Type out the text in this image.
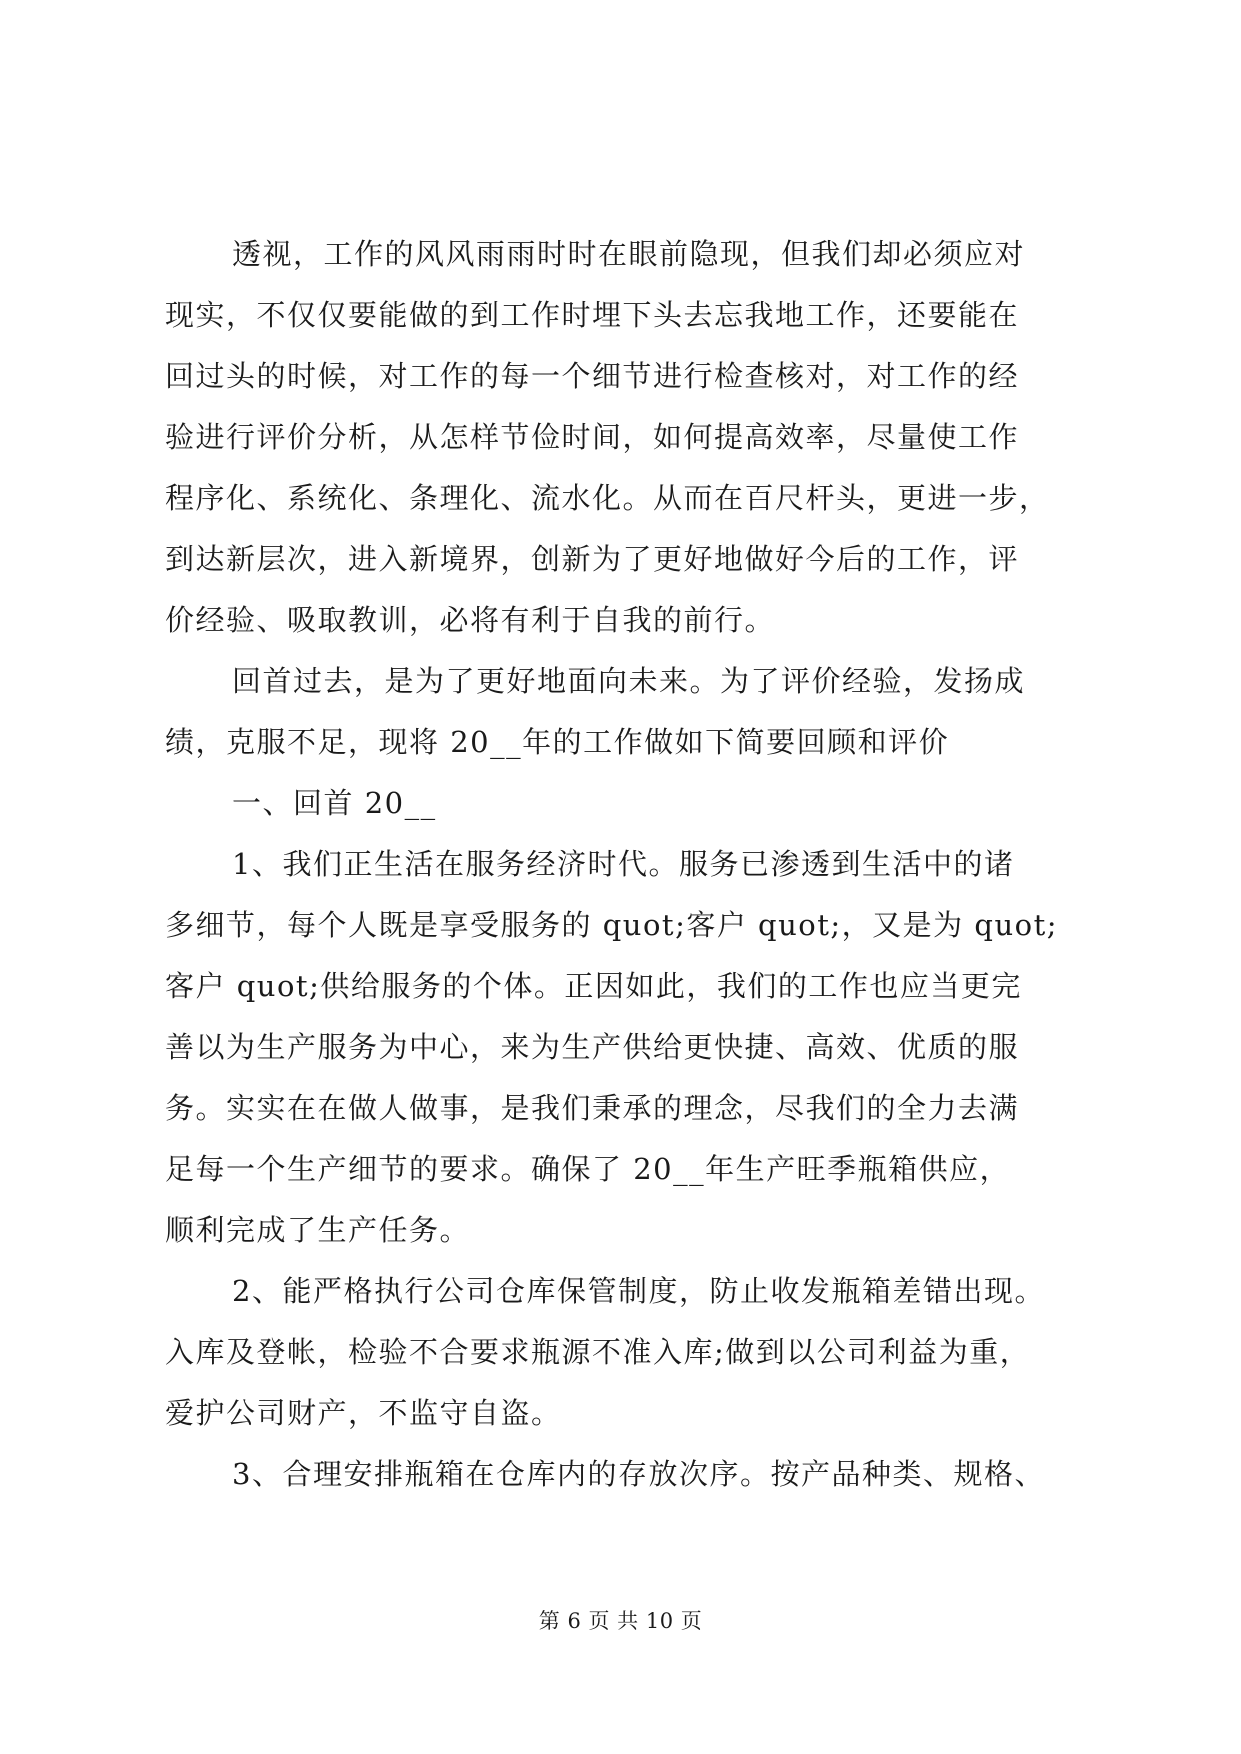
透视，工作的风风雨雨时时在眼前隐现，但我们却必须应对
现实，不仅仅要能做的到工作时埋下头去忘我地工作，还要能在
回过头的时候，对工作的每一个细节进行检查核对，对工作的经
验进行评价分析，从怎样节俭时间，如何提高效率，尽量使工作
程序化、系统化、条理化、流水化。从而在百尺杆头，更进一步，
到达新层次，进入新境界，创新为了更好地做好今后的工作，评
价经验、吸取教训，必将有利于自我的前行。
回首过去，是为了更好地面向未来。为了评价经验，发扬成
绩，克服不足，现将 20__年的工作做如下简要回顾和评价
一、回首 20__
1、我们正生活在服务经济时代。服务已渗透到生活中的诸
多细节，每个人既是享受服务的 quot;客户 quot;，又是为 quot;
客户 quot;供给服务的个体。正因如此，我们的工作也应当更完
善以为生产服务为中心，来为生产供给更快捷、高效、优质的服
务。实实在在做人做事，是我们秉承的理念，尽我们的全力去满
足每一个生产细节的要求。确保了 20__年生产旺季瓶箱供应，
顺利完成了生产任务。
2、能严格执行公司仓库保管制度，防止收发瓶箱差错出现。
入库及登帐，检验不合要求瓶源不准入库;做到以公司利益为重，
爱护公司财产，不监守自盗。
3、合理安排瓶箱在仓库内的存放次序。按产品种类、规格、
第 6 页 共 10 页
